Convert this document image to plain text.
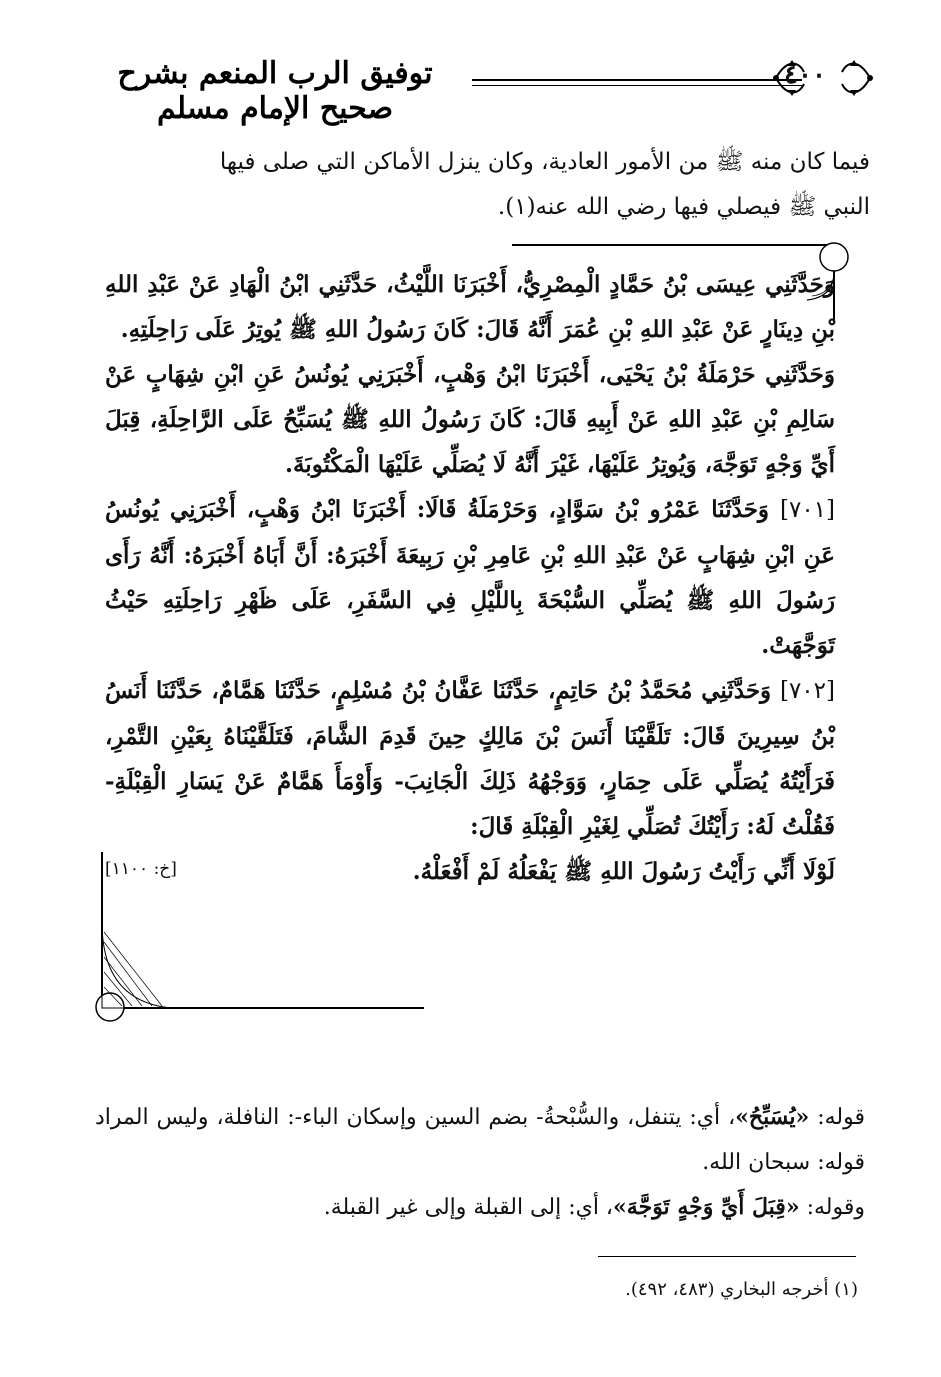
توفيق الرب المنعم بشرح صحيح الإمام مسلم
٤٠٠
فيما كان منه ﷺ من الأمور العادية، وكان ينزل الأماكن التي صلى فيها
النبي ﷺ فيصلي فيها رضي الله عنه(١).

وَحَدَّثَنِي عِيسَى بْنُ حَمَّادٍ الْمِصْرِيُّ، أَخْبَرَنَا اللَّيْثُ، حَدَّثَنِي ابْنُ الْهَادِ عَنْ عَبْدِ اللهِ بْنِ دِينَارٍ عَنْ عَبْدِ اللهِ بْنِ عُمَرَ أَنَّهُ قَالَ: كَانَ رَسُولُ اللهِ ﷺ يُوتِرُ عَلَى رَاحِلَتِهِ.

وَحَدَّثَنِي حَرْمَلَةُ بْنُ يَحْيَى، أَخْبَرَنَا ابْنُ وَهْبٍ، أَخْبَرَنِي يُونُسُ عَنِ ابْنِ شِهَابٍ عَنْ سَالِمِ بْنِ عَبْدِ اللهِ عَنْ أَبِيهِ قَالَ: كَانَ رَسُولُ اللهِ ﷺ يُسَبِّحُ عَلَى الرَّاحِلَةِ، قِبَلَ أَيِّ وَجْهٍ تَوَجَّهَ، وَيُوتِرُ عَلَيْهَا، غَيْرَ أَنَّهُ لَا يُصَلِّي عَلَيْهَا الْمَكْتُوبَةَ.

[٧٠١] وَحَدَّثَنَا عَمْرُو بْنُ سَوَّادٍ، وَحَرْمَلَةُ قَالَا: أَخْبَرَنَا ابْنُ وَهْبٍ، أَخْبَرَنِي يُونُسُ عَنِ ابْنِ شِهَابٍ عَنْ عَبْدِ اللهِ بْنِ عَامِرِ بْنِ رَبِيعَةَ أَخْبَرَهُ: أَنَّ أَبَاهُ أَخْبَرَهُ: أَنَّهُ رَأَى رَسُولَ اللهِ ﷺ يُصَلِّي السُّبْحَةَ بِاللَّيْلِ فِي السَّفَرِ، عَلَى ظَهْرِ رَاحِلَتِهِ حَيْثُ تَوَجَّهَتْ.

[٧٠٢] وَحَدَّثَنِي مُحَمَّدُ بْنُ حَاتِمٍ، حَدَّثَنَا عَفَّانُ بْنُ مُسْلِمٍ، حَدَّثَنَا هَمَّامٌ، حَدَّثَنَا أَنَسُ بْنُ سِيرِينَ قَالَ: تَلَقَّيْنَا أَنَسَ بْنَ مَالِكٍ حِينَ قَدِمَ الشَّامَ، فَتَلَقَّيْنَاهُ بِعَيْنِ التَّمْرِ، فَرَأَيْتُهُ يُصَلِّي عَلَى حِمَارٍ، وَوَجْهُهُ ذَلِكَ الْجَانِبَ- وَأَوْمَأَ هَمَّامٌ عَنْ يَسَارِ الْقِبْلَةِ- فَقُلْتُ لَهُ: رَأَيْتُكَ تُصَلِّي لِغَيْرِ الْقِبْلَةِ قَالَ:

لَوْلَا أَنِّي رَأَيْتُ رَسُولَ اللهِ ﷺ يَفْعَلُهُ لَمْ أَفْعَلْهُ.
[خ: ١١٠٠]

قوله: «يُسَبِّحُ»، أي: يتنفل، والسُّبْحةُ- بضم السين وإسكان الباء-: النافلة، وليس المراد قوله: سبحان الله.

وقوله: «قِبَلَ أَيِّ وَجْهٍ تَوَجَّهَ»، أي: إلى القبلة وإلى غير القبلة.

(١) أخرجه البخاري (٤٨٣، ٤٩٢).
